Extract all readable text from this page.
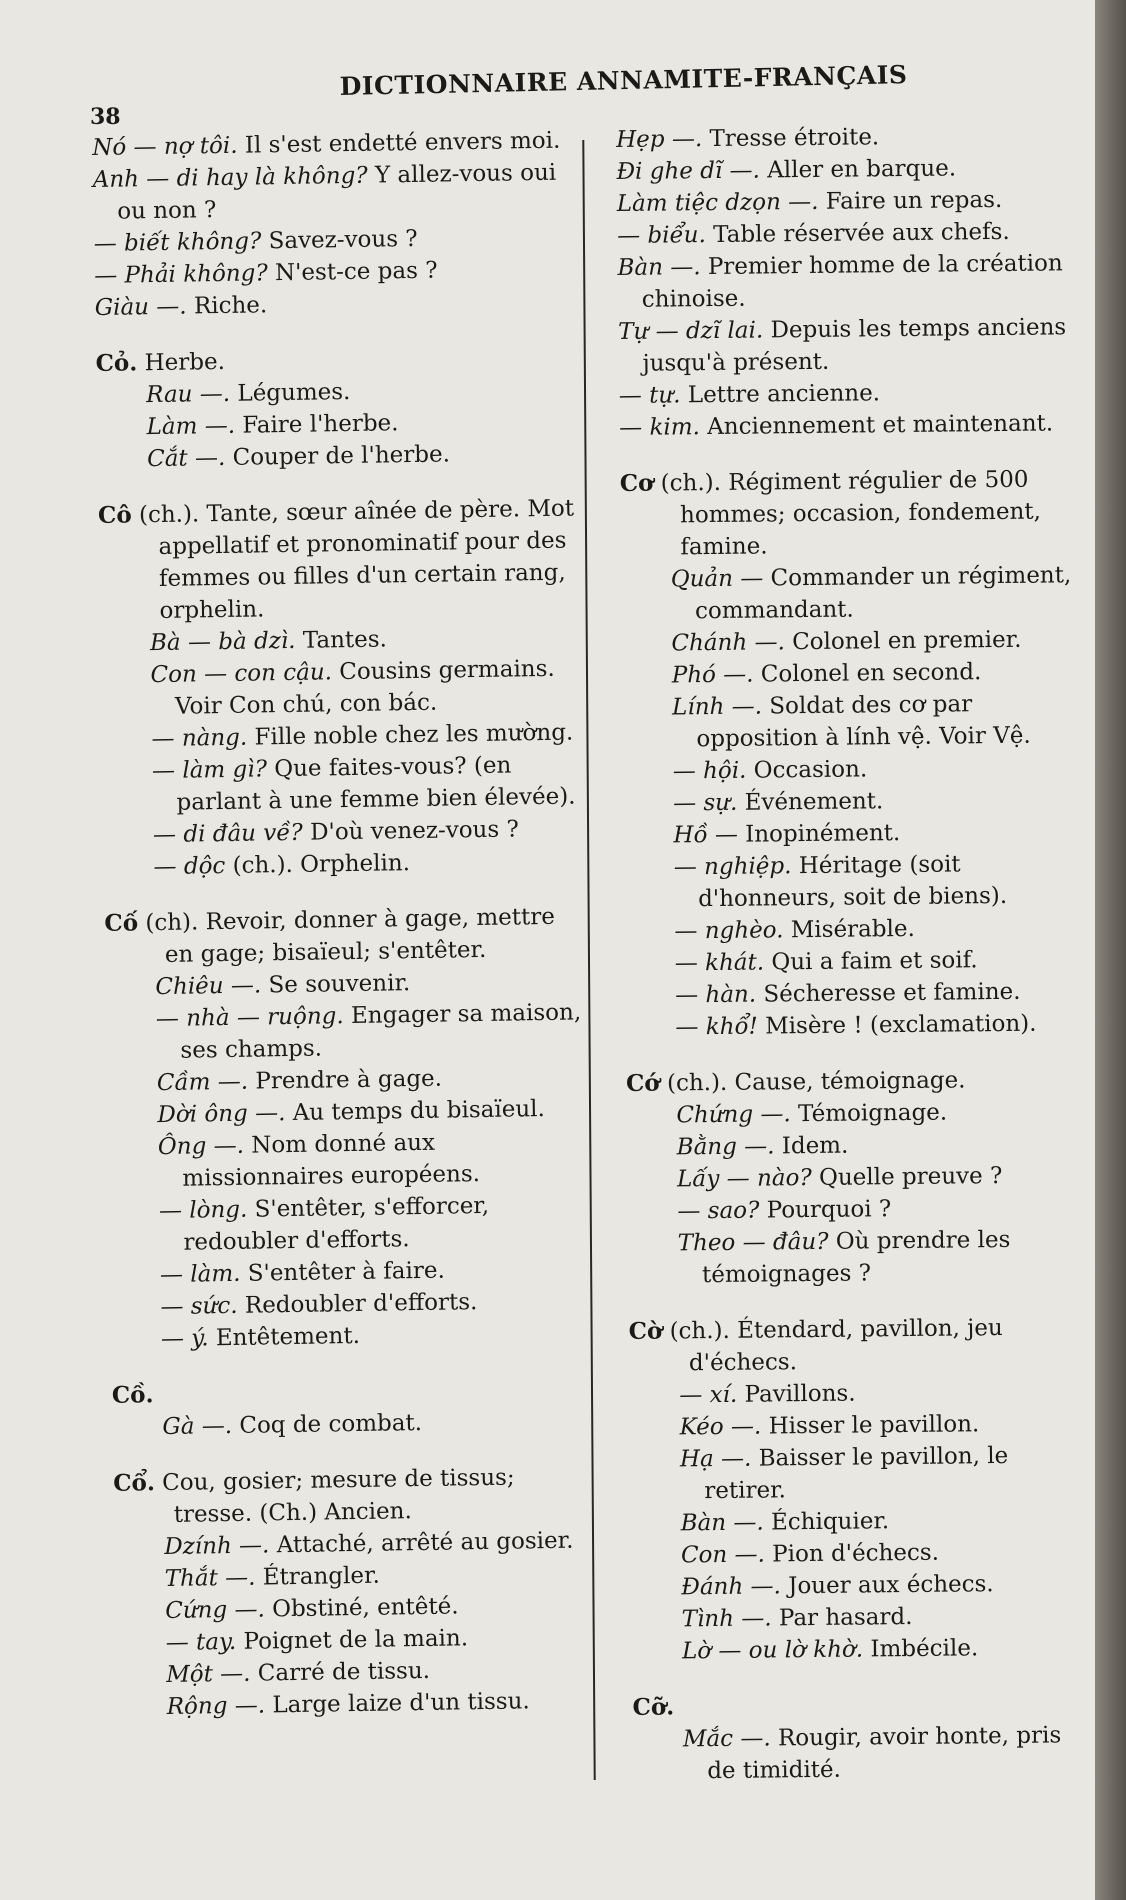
38
DICTIONNAIRE ANNAMITE-FRANÇAIS
Nó — nợ tôi. Il s'est endetté envers moi.
Anh — di hay là không? Y allez-vous oui ou non ?
— biết không? Savez-vous ?
— Phải không? N'est-ce pas ?
Giàu —. Riche.
Cỏ. Herbe.
Rau —. Légumes.
Làm —. Faire l'herbe.
Cắt —. Couper de l'herbe.
Cô (ch.). Tante, sœur aînée de père. Mot appellatif et pronominatif pour des femmes ou filles d'un certain rang, orphelin.
Bà — bà dzì. Tantes.
Con — con cậu. Cousins germains. Voir Con chú, con bác.
— nàng. Fille noble chez les mường.
— làm gì? Que faites-vous? (en parlant à une femme bien élevée).
— di đâu về? D'où venez-vous ?
— dộc (ch.). Orphelin.
Cố (ch). Revoir, donner à gage, mettre en gage; bisaïeul; s'entêter.
Chiêu —. Se souvenir.
— nhà — ruộng. Engager sa maison, ses champs.
Cầm —. Prendre à gage.
Dời ông —. Au temps du bisaïeul.
Ông —. Nom donné aux missionnaires européens.
— lòng. S'entêter, s'efforcer, redoubler d'efforts.
— làm. S'entêter à faire.
— sức. Redoubler d'efforts.
— ý. Entêtement.
Cồ.
Gà —. Coq de combat.
Cổ. Cou, gosier; mesure de tissus; tresse. (Ch.) Ancien.
Dzính —. Attaché, arrêté au gosier.
Thắt —. Étrangler.
Cứng —. Obstiné, entêté.
— tay. Poignet de la main.
Một —. Carré de tissu.
Rộng —. Large laize d'un tissu.
Hẹp —. Tresse étroite.
Đi ghe dĩ —. Aller en barque.
Làm tiệc dzọn —. Faire un repas.
— biểu. Table réservée aux chefs.
Bàn —. Premier homme de la création chinoise.
Tự — dzĩ lai. Depuis les temps anciens jusqu'à présent.
— tự. Lettre ancienne.
— kim. Anciennement et maintenant.
Cơ (ch.). Régiment régulier de 500 hommes; occasion, fondement, famine.
Quản — Commander un régiment, commandant.
Chánh —. Colonel en premier.
Phó —. Colonel en second.
Lính —. Soldat des cơ par opposition à lính vệ. Voir Vệ.
— hội. Occasion.
— sự. Événement.
Hồ — Inopinément.
— nghiệp. Héritage (soit d'honneurs, soit de biens).
— nghèo. Misérable.
— khát. Qui a faim et soif.
— hàn. Sécheresse et famine.
— khổ! Misère ! (exclamation).
Cớ (ch.). Cause, témoignage.
Chứng —. Témoignage.
Bằng —. Idem.
Lấy — nào? Quelle preuve ?
— sao? Pourquoi ?
Theo — đâu? Où prendre les témoignages ?
Cờ (ch.). Étendard, pavillon, jeu d'échecs.
— xí. Pavillons.
Kéo —. Hisser le pavillon.
Hạ —. Baisser le pavillon, le retirer.
Bàn —. Échiquier.
Con —. Pion d'échecs.
Đánh —. Jouer aux échecs.
Tình —. Par hasard.
Lờ — ou lờ khờ. Imbécile.
Cỡ.
Mắc —. Rougir, avoir honte, pris de timidité.
